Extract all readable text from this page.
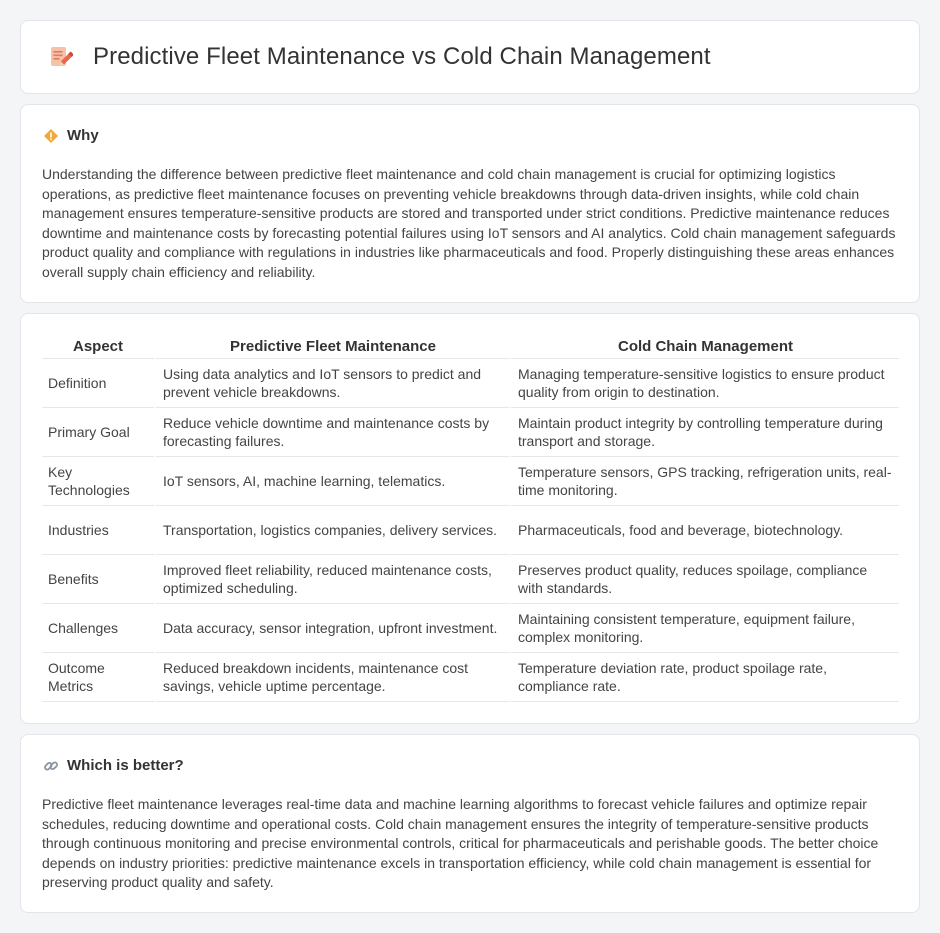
Predictive Fleet Maintenance vs Cold Chain Management
Why

Understanding the difference between predictive fleet maintenance and cold chain management is crucial for optimizing logistics operations, as predictive fleet maintenance focuses on preventing vehicle breakdowns through data-driven insights, while cold chain management ensures temperature-sensitive products are stored and transported under strict conditions. Predictive maintenance reduces downtime and maintenance costs by forecasting potential failures using IoT sensors and AI analytics. Cold chain management safeguards product quality and compliance with regulations in industries like pharmaceuticals and food. Properly distinguishing these areas enhances overall supply chain efficiency and reliability.

Aspect	Predictive Fleet Maintenance	Cold Chain Management
Definition	Using data analytics and IoT sensors to predict and prevent vehicle breakdowns.	Managing temperature-sensitive logistics to ensure product quality from origin to destination.
Primary Goal	Reduce vehicle downtime and maintenance costs by forecasting failures.	Maintain product integrity by controlling temperature during transport and storage.
Key Technologies	IoT sensors, AI, machine learning, telematics.	Temperature sensors, GPS tracking, refrigeration units, real-time monitoring.
Industries	Transportation, logistics companies, delivery services.	Pharmaceuticals, food and beverage, biotechnology.
Benefits	Improved fleet reliability, reduced maintenance costs, optimized scheduling.	Preserves product quality, reduces spoilage, compliance with standards.
Challenges	Data accuracy, sensor integration, upfront investment.	Maintaining consistent temperature, equipment failure, complex monitoring.
Outcome Metrics	Reduced breakdown incidents, maintenance cost savings, vehicle uptime percentage.	Temperature deviation rate, product spoilage rate, compliance rate.
Which is better?

Predictive fleet maintenance leverages real-time data and machine learning algorithms to forecast vehicle failures and optimize repair schedules, reducing downtime and operational costs. Cold chain management ensures the integrity of temperature-sensitive products through continuous monitoring and precise environmental controls, critical for pharmaceuticals and perishable goods. The better choice depends on industry priorities: predictive maintenance excels in transportation efficiency, while cold chain management is essential for preserving product quality and safety.
